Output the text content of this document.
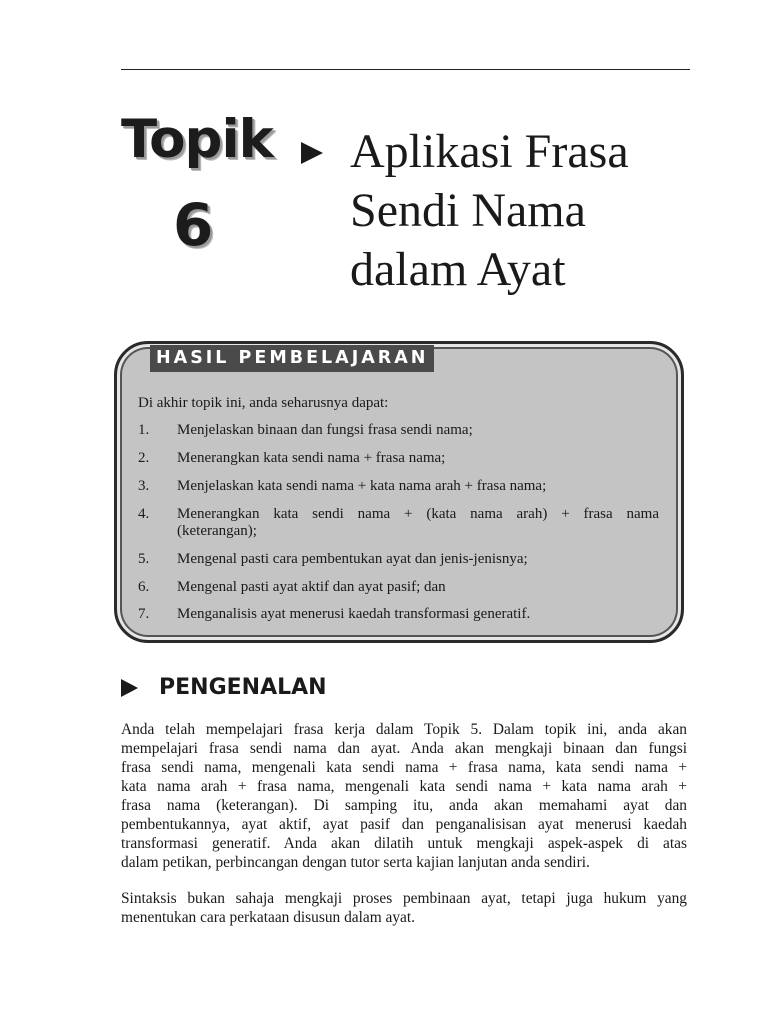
Topik
6
Aplikasi Frasa
Sendi Nama
dalam Ayat
HASIL PEMBELAJARAN
Di akhir topik ini, anda seharusnya dapat:
1. Menjelaskan binaan dan fungsi frasa sendi nama;
2. Menerangkan kata sendi nama + frasa nama;
3. Menjelaskan kata sendi nama + kata nama arah + frasa nama;
4. Menerangkan kata sendi nama + (kata nama arah) + frasa nama
(keterangan);
5. Mengenal pasti cara pembentukan ayat dan jenis-jenisnya;
6. Mengenal pasti ayat aktif dan ayat pasif; dan
7. Menganalisis ayat menerusi kaedah transformasi generatif.
PENGENALAN
Anda telah mempelajari frasa kerja dalam Topik 5. Dalam topik ini, anda akan
mempelajari frasa sendi nama dan ayat. Anda akan mengkaji binaan dan fungsi
frasa sendi nama, mengenali kata sendi nama + frasa nama, kata sendi nama +
kata nama arah + frasa nama, mengenali kata sendi nama + kata nama arah +
frasa nama (keterangan). Di samping itu, anda akan memahami ayat dan
pembentukannya, ayat aktif, ayat pasif dan penganalisisan ayat menerusi kaedah
transformasi generatif. Anda akan dilatih untuk mengkaji aspek-aspek di atas
dalam petikan, perbincangan dengan tutor serta kajian lanjutan anda sendiri.
Sintaksis bukan sahaja mengkaji proses pembinaan ayat, tetapi juga hukum yang
menentukan cara perkataan disusun dalam ayat.
